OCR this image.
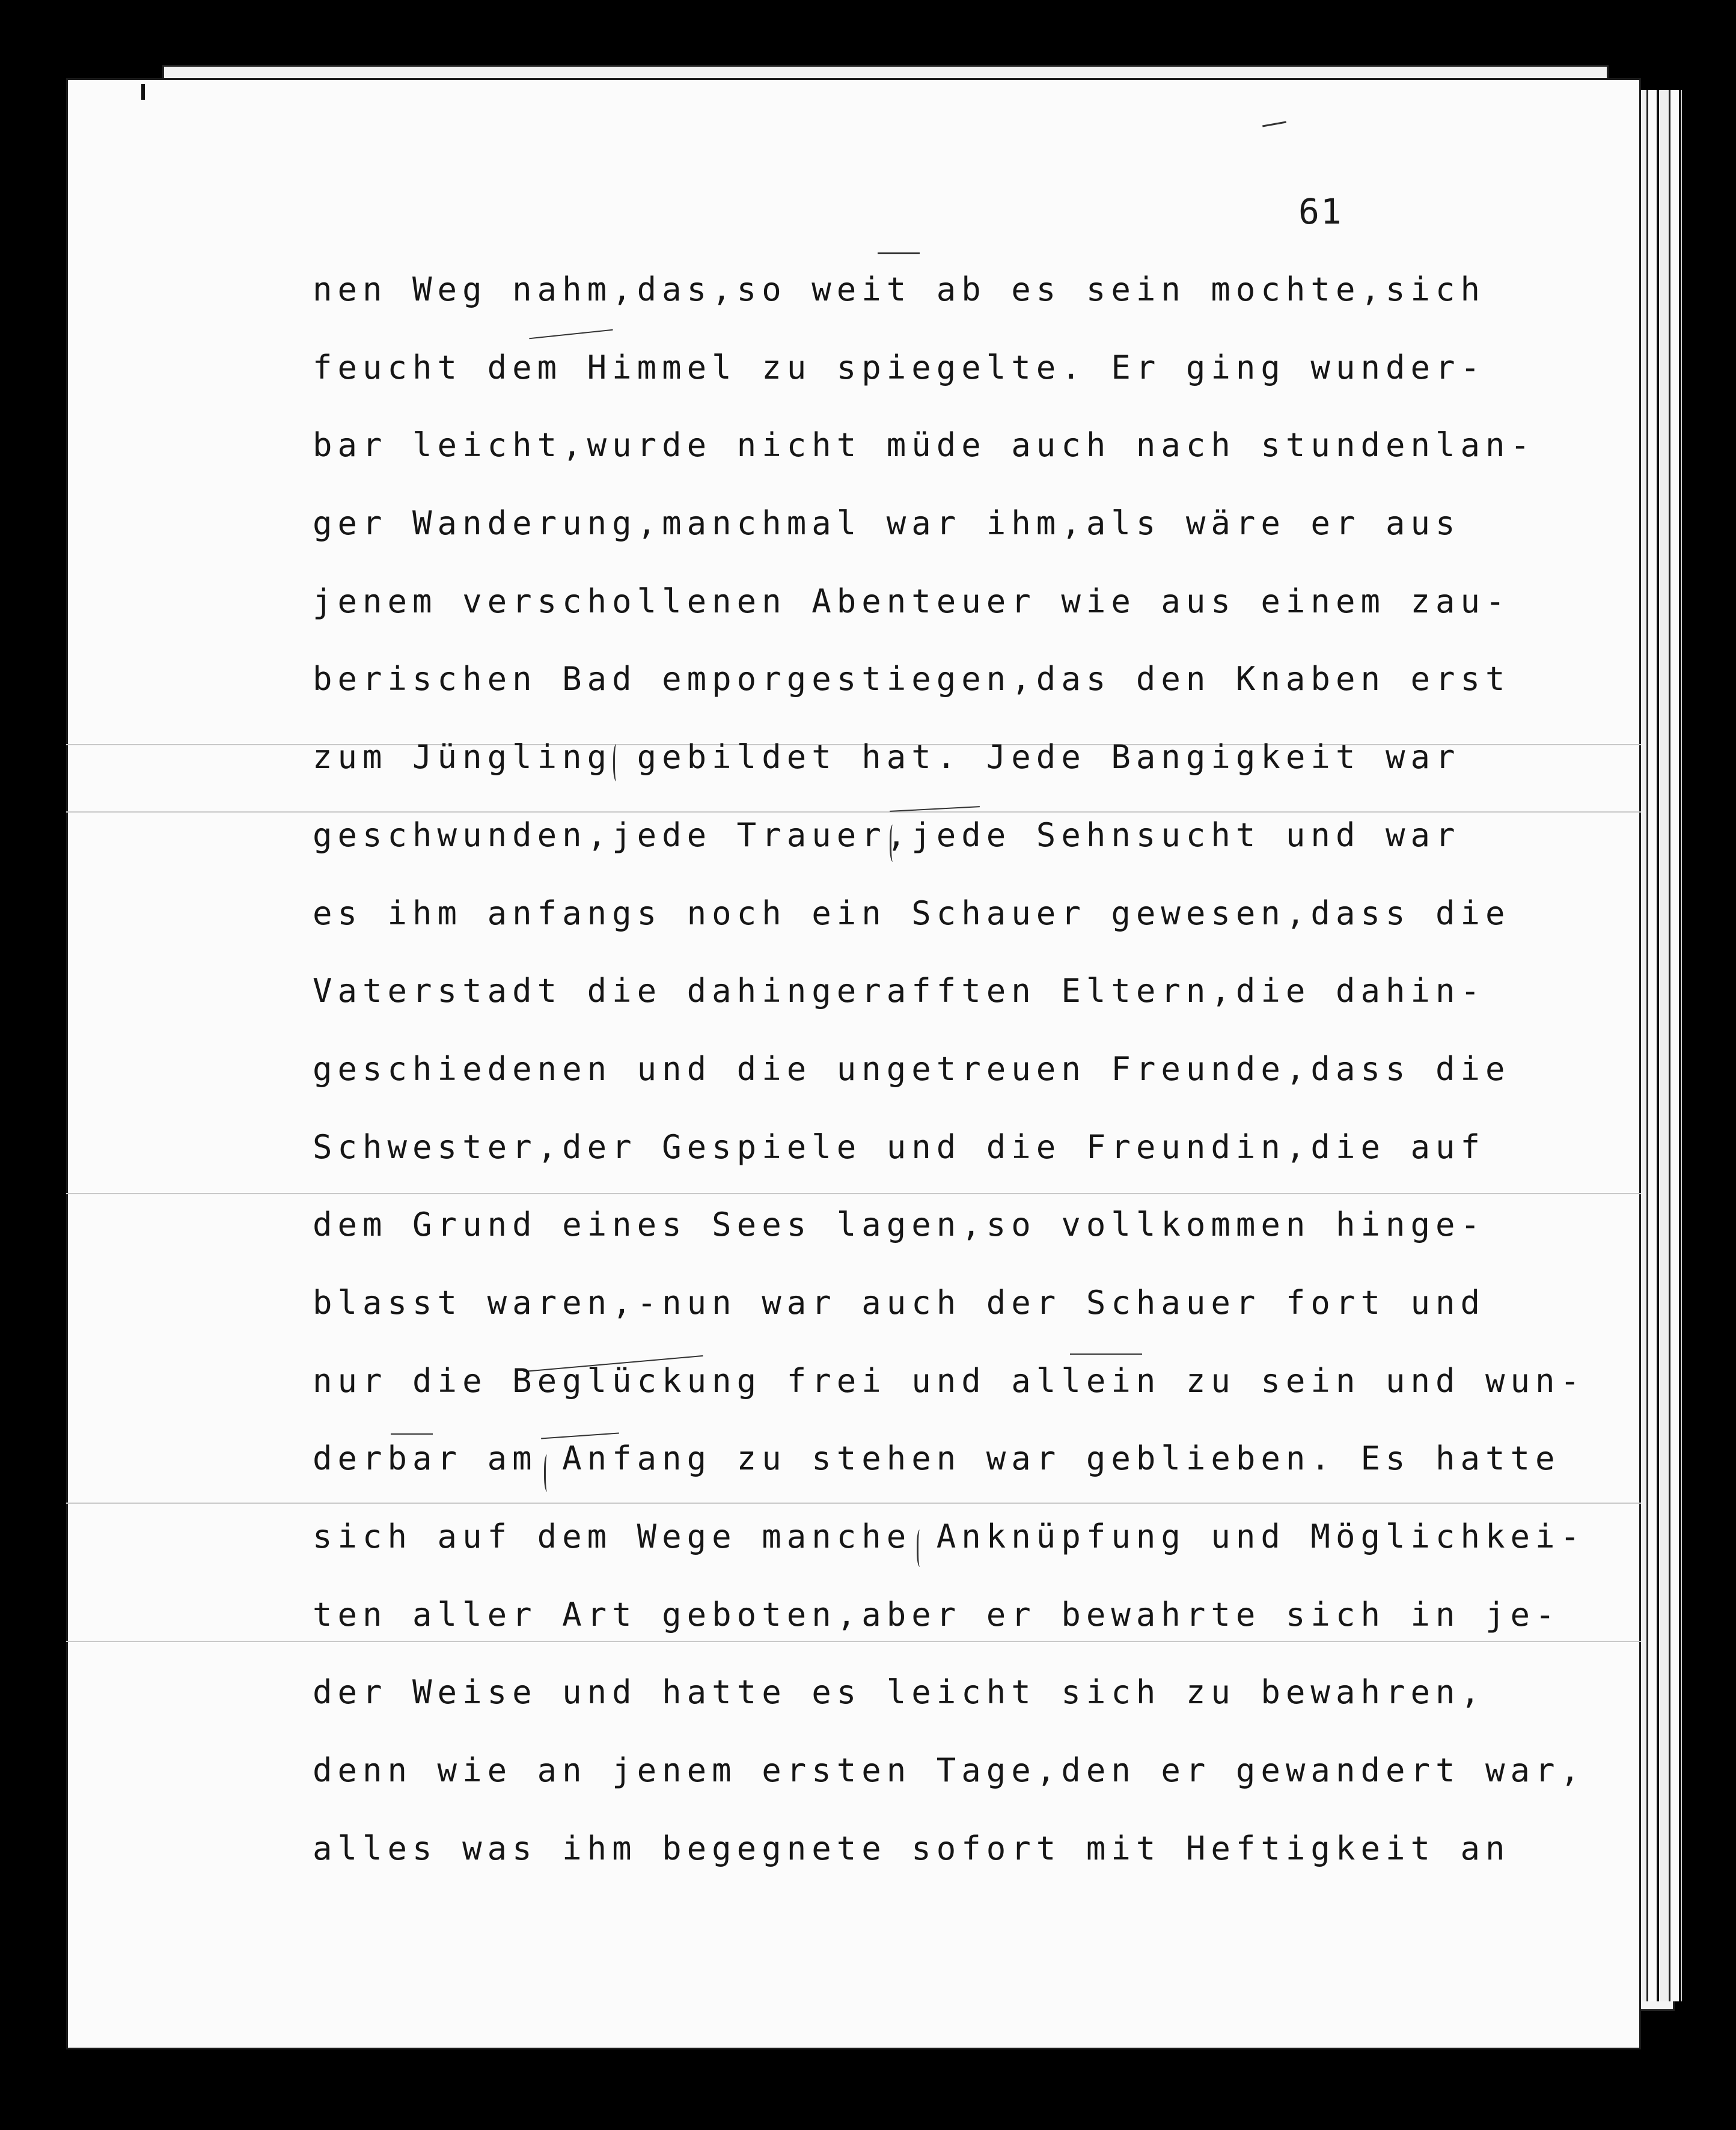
61
nen Weg nahm,das,so weit ab es sein mochte,sich
feucht dem Himmel zu spiegelte. Er ging wunder-
bar leicht,wurde nicht müde auch nach stundenlan-
ger Wanderung,manchmal war ihm,als wäre er aus
jenem verschollenen Abenteuer wie aus einem zau-
berischen Bad emporgestiegen,das den Knaben erst
zum Jüngling gebildet hat. Jede Bangigkeit war
geschwunden,jede Trauer,jede Sehnsucht und war
es ihm anfangs noch ein Schauer gewesen,dass die
Vaterstadt die dahingerafften Eltern,die dahin-
geschiedenen und die ungetreuen Freunde,dass die
Schwester,der Gespiele und die Freundin,die auf
dem Grund eines Sees lagen,so vollkommen hinge-
blasst waren,-nun war auch der Schauer fort und
nur die Beglückung frei und allein zu sein und wun-
derbar am Anfang zu stehen war geblieben. Es hatte
sich auf dem Wege manche Anknüpfung und Möglichkei-
ten aller Art geboten,aber er bewahrte sich in je-
der Weise und hatte es leicht sich zu bewahren,
denn wie an jenem ersten Tage,den er gewandert war,
alles was ihm begegnete sofort mit Heftigkeit an
